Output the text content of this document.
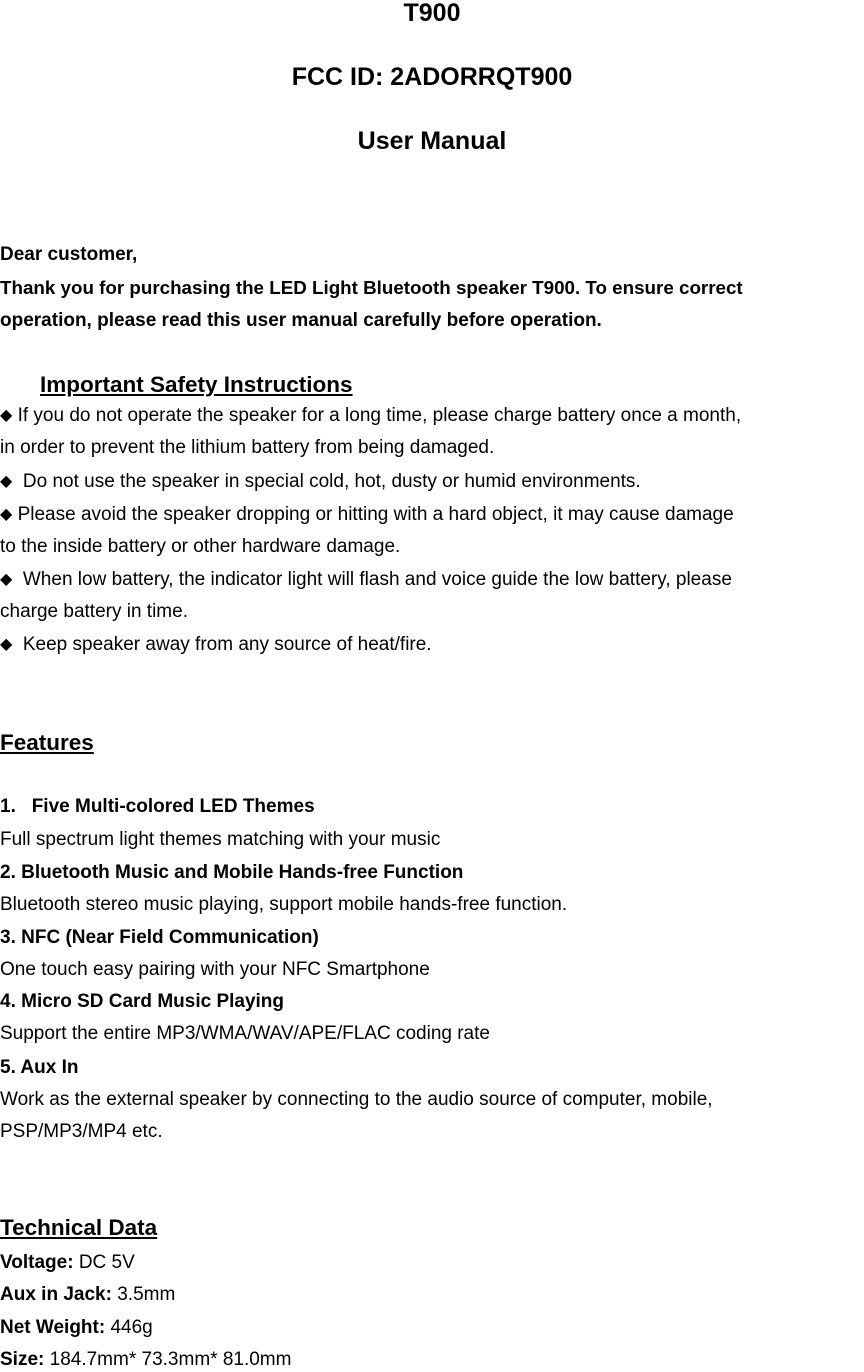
T900
FCC ID: 2ADORRQT900
User Manual

Dear customer,

Thank you for purchasing the LED Light Bluetooth speaker T900. To ensure correct

operation, please read this user manual carefully before operation.

Important Safety Instructions

◆ If you do not operate the speaker for a long time, please charge battery once a month,

in order to prevent the lithium battery from being damaged.

◆ Do not use the speaker in special cold, hot, dusty or humid environments.

◆ Please avoid the speaker dropping or hitting with a hard object, it may cause damage

to the inside battery or other hardware damage.

◆ When low battery, the indicator light will flash and voice guide the low battery, please

charge battery in time.

◆ Keep speaker away from any source of heat/fire.

Features

1. Five Multi-colored LED Themes

Full spectrum light themes matching with your music

2. Bluetooth Music and Mobile Hands-free Function

Bluetooth stereo music playing, support mobile hands-free function.

3. NFC (Near Field Communication)

One touch easy pairing with your NFC Smartphone

4. Micro SD Card Music Playing

Support the entire MP3/WMA/WAV/APE/FLAC coding rate

5. Aux In

Work as the external speaker by connecting to the audio source of computer, mobile,

PSP/MP3/MP4 etc.

Technical Data

Voltage: DC 5V

Aux in Jack: 3.5mm

Net Weight: 446g

Size: 184.7mm* 73.3mm* 81.0mm
